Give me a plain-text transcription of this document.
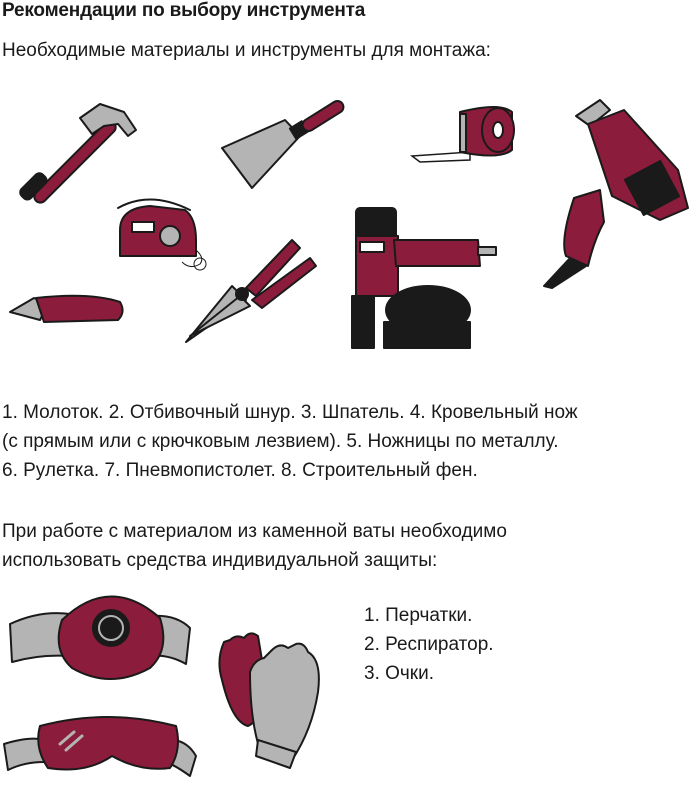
Рекомендации по выбору инструмента

Необходимые материалы и инструменты для монтажа:

1. Молоток. 2. Отбивочный шнур. 3. Шпатель. 4. Кровельный нож
(с прямым или с крючковым лезвием). 5. Ножницы по металлу.
6. Рулетка. 7. Пневмопистолет. 8. Строительный фен.

При работе с материалом из каменной ваты необходимо
использовать средства индивидуальной защиты:

1. Перчатки.
2. Респиратор.
3. Очки.
